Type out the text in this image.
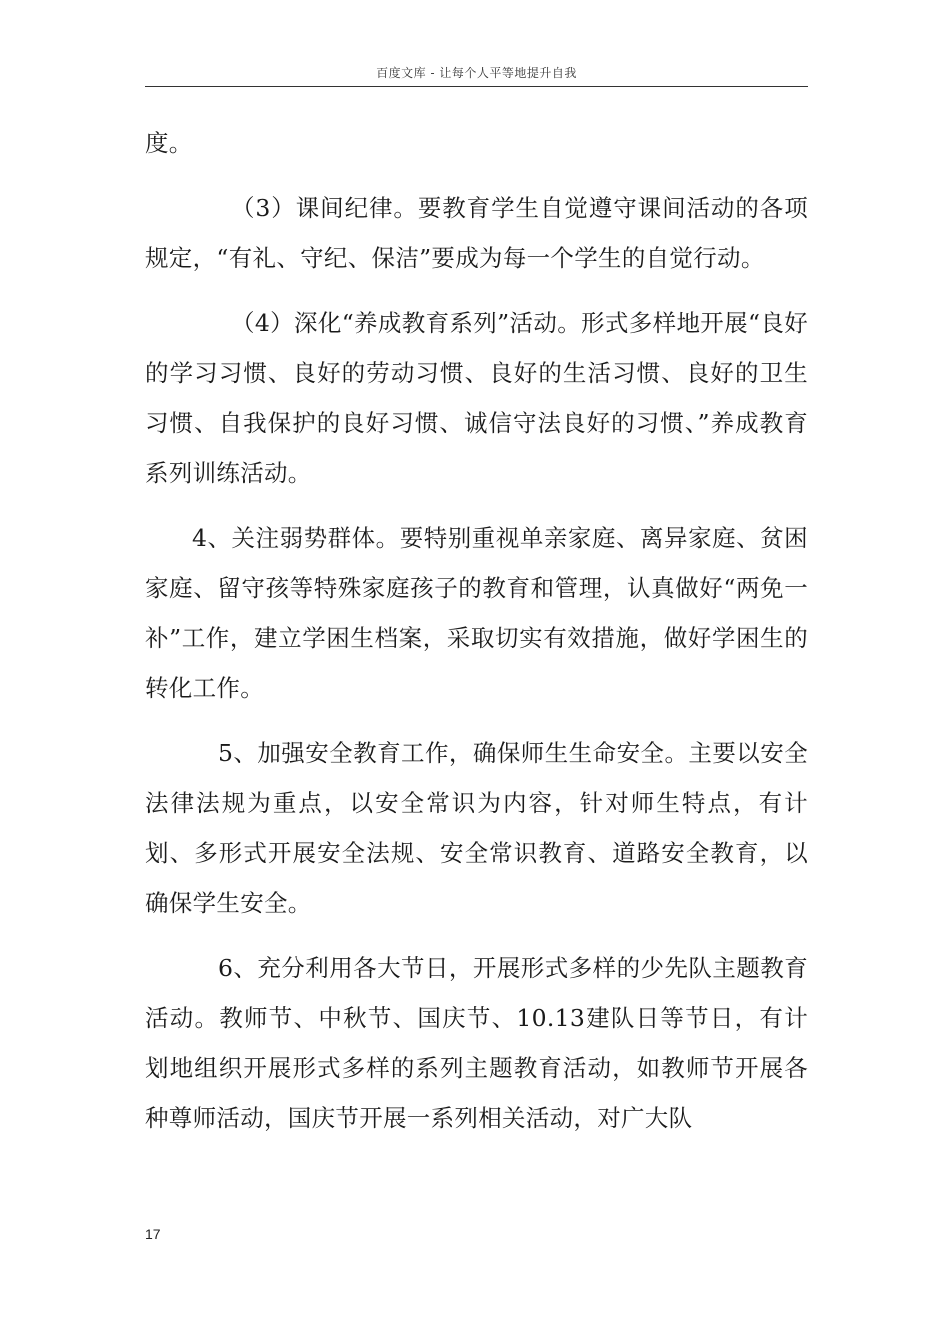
百度文库 - 让每个人平等地提升自我

度。

（3）课间纪律。要教育学生自觉遵守课间活动的各项规定，“有礼、守纪、保洁”要成为每一个学生的自觉行动。

（4）深化“养成教育系列”活动。形式多样地开展“良好的学习习惯、良好的劳动习惯、良好的生活习惯、良好的卫生习惯、自我保护的良好习惯、诚信守法良好的习惯、”养成教育系列训练活动。

4、关注弱势群体。要特别重视单亲家庭、离异家庭、贫困家庭、留守孩等特殊家庭孩子的教育和管理，认真做好“两免一补”工作，建立学困生档案，采取切实有效措施，做好学困生的转化工作。

5、加强安全教育工作，确保师生生命安全。主要以安全法律法规为重点，以安全常识为内容，针对师生特点，有计划、多形式开展安全法规、安全常识教育、道路安全教育，以确保学生安全。

6、充分利用各大节日，开展形式多样的少先队主题教育活动。教师节、中秋节、国庆节、10.13建队日等节日，有计划地组织开展形式多样的系列主题教育活动，如教师节开展各种尊师活动，国庆节开展一系列相关活动，对广大队

17
